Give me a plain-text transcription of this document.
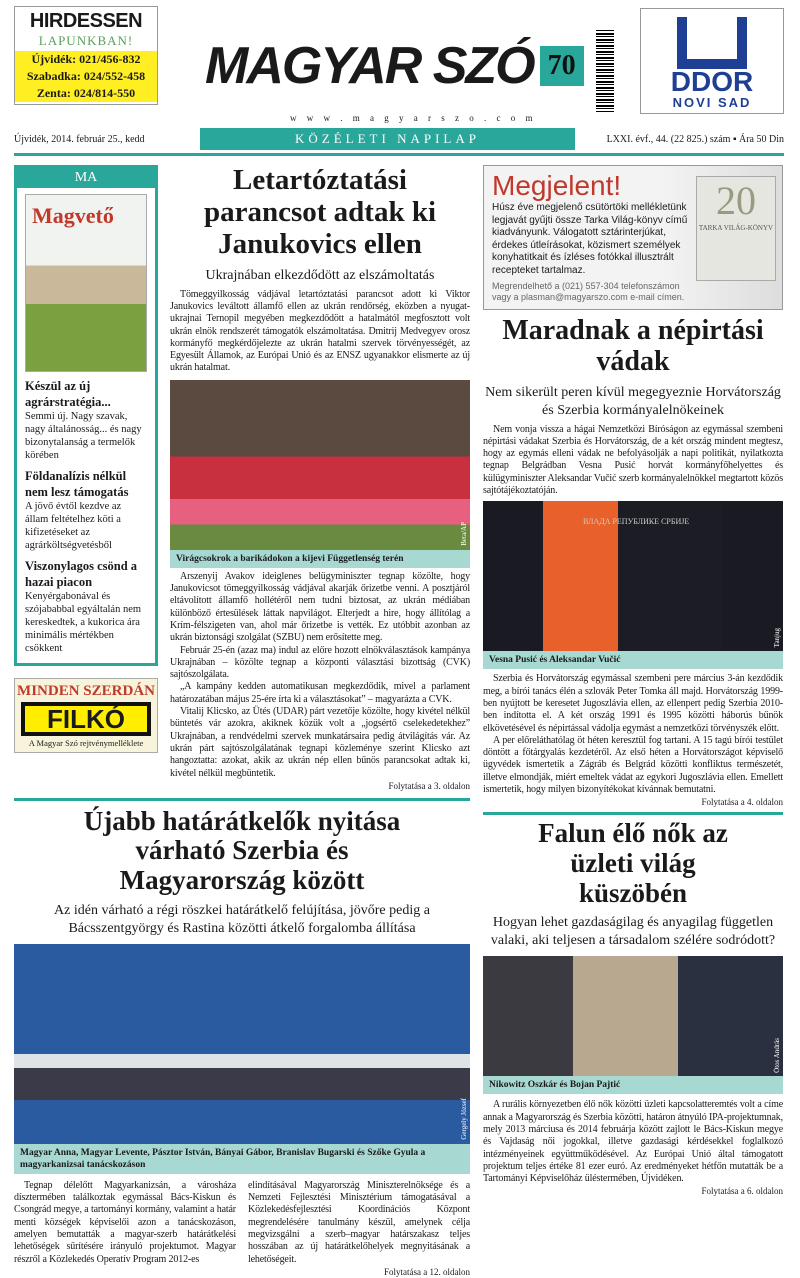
HIRDESSEN
LAPUNKBAN!
Újvidék: 021/456-832
Szabadka: 024/552-458
Zenta: 024/814-550	MAGYAR SZÓ 70
w w w . m a g y a r s z o . c o m
DDOR
NOVI SAD
Újvidék, 2014. február 25., kedd	KÖZÉLETI NAPILAP	LXXI. évf., 44. (22 825.) szám ▪ Ára 50 Din
MA
Magvető
Készül az új agrárstratégia...
Semmi új. Nagy szavak, nagy általánosság... és nagy bizonytalanság a termelők körében
Földanalízis nélkül nem lesz támogatás
A jövő évtől kezdve az állam feltételhez köti a kifizetéseket az agrárköltségvetésből
Viszonylagos csönd a hazai piacon
Kenyérgabonával és szójababbal egyáltalán nem kereskedtek, a kukorica ára minimális mértékben csökkent
MINDEN SZERDÁN
FILKÓ
A Magyar Szó rejtvénymelléklete
Letartóztatási parancsot adtak ki Janukovics ellen
Ukrajnában elkezdődött az elszámoltatás

Tömeggyilkosság vádjával letartóztatási parancsot adott ki Viktor Janukovics leváltott államfő ellen az ukrán rendőrség, eközben a nyugat-ukrajnai Ternopil megyében megkezdődött a hatalmától megfosztott volt ukrán elnök rendszerét támogatók elszámoltatása. Dmitrij Medvegyev orosz kormányfő megkérdőjelezte az ukrán hatalmi szervek törvényességét, az Egyesült Államok, az Európai Unió és az ENSZ ugyanakkor elismerte az új ukrán hatalmat.

Beta/AP
Virágcsokrok a barikádokon a kijevi Függetlenség terén

Arszenyij Avakov ideiglenes belügyminiszter tegnap közölte, hogy Janukovicsot tömeggyilkosság vádjával akarják őrizetbe venni. A posztjáról eltávolított államfő hollétéről nem tudni biztosat, az ukrán médiában különböző értesülések láttak napvilágot. Elterjedt a hire, hogy állítólag a Krím-félszigeten van, ahol már őrizetbe is vették. Ez utóbbit azonban az ukrán biztonsági szolgálat (SZBU) nem erősítette meg.

Február 25-én (azaz ma) indul az előre hozott elnökválasztások kampánya Ukrajnában – közölte tegnap a központi választási bizottság (CVK) sajtószolgálata.

„A kampány kedden automatikusan megkezdődik, mivel a parlament határozatában május 25-ére írta ki a választásokat” – magyarázta a CVK.

Vitalij Klicsko, az Ütés (UDAR) párt vezetője közölte, hogy kivétel nélkül büntetés vár azokra, akiknek közük volt a „jogsértő cselekedetekhez” Ukrajnában, a rendvédelmi szervek munkatársaira pedig átvilágítás vár. Az ukrán párt sajtószolgálatának tegnapi közleménye szerint Klicsko azt hangoztatta: azokat, akik az ukrán nép ellen bűnös parancsokat adtak ki, kivétel nélkül megbüntetik.

Folytatása a 3. oldalon
Újabb határátkelők nyitása várható Szerbia és Magyarország között
Az idén várható a régi röszkei határátkelő felújítása, jövőre pedig a Bácsszentgyörgy és Rastina közötti átkelő forgalomba állítása
Gergely József
Magyar Anna, Magyar Levente, Pásztor István, Bányai Gábor, Branislav Bugarski és Szőke Gyula a magyarkanizsai tanácskozáson

Tegnap délelőtt Magyarkanizsán, a városháza dísztermében találkoztak egymással Bács-Kiskun és Csongrád megye, a tartományi kormány, valamint a határ menti községek képviselői azon a tanácskozáson, amelyen bemutatták a magyar-szerb határátkelési lehetőségek sűrítésére irányuló projektumot. Magyar részről a Közlekedés Operatív Program 2012-es

elindításával Magyarország Miniszterelnöksége és a Nemzeti Fejlesztési Minisztérium támogatásával a Közlekedésfejlesztési Koordinációs Központ megrendelésére tanulmány készül, amelynek célja megvizsgálni a szerb–magyar határszakasz teljes hosszában az új határátkelőhelyek megnyitásának a lehetőségeit.

Folytatása a 12. oldalon
Megjelent!
Húsz éve megjelenő csütörtöki mellékletünk legjavát gyűjti össze Tarka Világ-könyv című kiadványunk. Válogatott sztárinterjúkat, érdekes útleírásokat, közismert személyek konyhatitkait és ízléses fotókkal illusztrált recepteket tartalmaz.
Megrendelhető a (021) 557-304 telefonszámon vagy a plasman@magyarszo.com e-mail címen.
20
TARKA VILÁG-KÖNYV
Maradnak a népirtási vádak
Nem sikerült peren kívül megegyeznie Horvátország és Szerbia kormányalelnökeinek

Nem vonja vissza a hágai Nemzetközi Bíróságon az egymással szembeni népirtási vádakat Szerbia és Horvátország, de a két ország mindent megtesz, hogy az egymás elleni vádak ne befolyásolják a napi politikát, nyilatkozta tegnap Belgrádban Vesna Pusić horvát kormányfőhelyettes és külügyminiszter Aleksandar Vučić szerb kormányalelnökkel megtartott közös sajtótájékoztatóján.

ВЛАДА РЕПУБЛИКЕ СРБИЈЕ
Tanjug
Vesna Pusić és Aleksandar Vučić

Szerbia és Horvátország egymással szembeni pere március 3-án kezdődik meg, a bírói tanács élén a szlovák Peter Tomka áll majd. Horvátország 1999-ben nyújtott be keresetet Jugoszlávia ellen, az ellenpert pedig Szerbia 2010-ben indította el. A két ország 1991 és 1995 közötti háborús bűnök elkövetésével és népirtással vádolja egymást a nemzetközi törvényszék előtt.

A per előreláthatólag öt héten keresztül fog tartani. A 15 tagú bírói testület döntött a főtárgyalás kezdetéről. Az első héten a Horvátországot képviselő ügyvédek ismertetik a Zágráb és Belgrád közötti konfliktus természetét, illetve elmondják, miért emeltek vádat az egykori Jugoszlávia ellen. Emellett ismertetik, hogy milyen bizonyítékokat kívánnak bemutatni.

Folytatása a 4. oldalon
Falun élő nők az üzleti világ küszöbén
Hogyan lehet gazdaságilag és anyagilag független valaki, aki teljesen a társadalom szélére sodródott?
Ótos András
Nikowitz Oszkár és Bojan Pajtić

A rurális környezetben élő nők közötti üzleti kapcsolatteremtés volt a címe annak a Magyarország és Szerbia közötti, határon átnyúló IPA-projektumnak, mely 2013 márciusa és 2014 februárja között zajlott le Bács-Kiskun megye és Vajdaság női jogokkal, illetve gazdasági kérdésekkel foglalkozó intézményeinek együttműködésével. Az Európai Unió által támogatott projektum teljes értéke 81 ezer euró. Az eredményeket hétfőn mutatták be a Tartományi Képviselőház üléstermében, Újvidéken.

Folytatása a 6. oldalon
